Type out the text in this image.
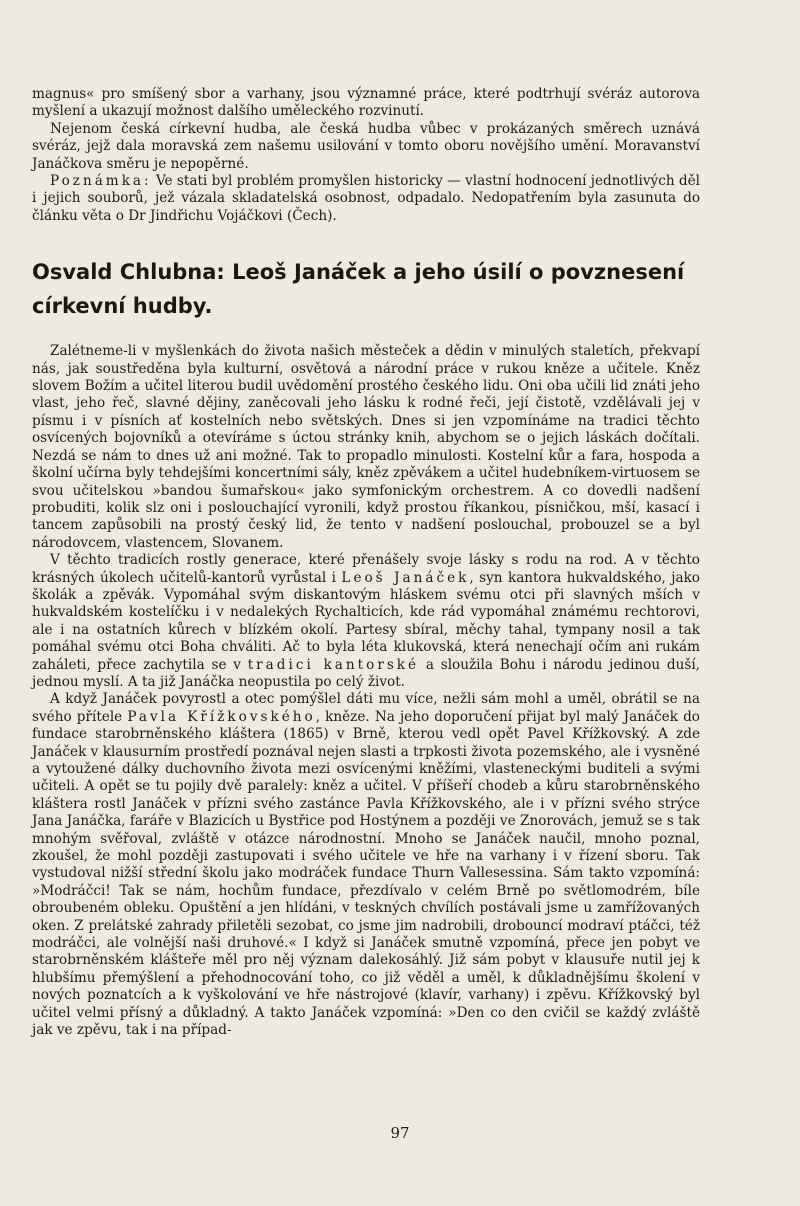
magnus« pro smíšený sbor a varhany, jsou významné práce, které podtrhují svéráz autorova myšlení a ukazují možnost dalšího uměleckého rozvinutí.

Nejenom česká církevní hudba, ale česká hudba vůbec v prokázaných směrech uznává svéráz, jejž dala moravská zem našemu usilování v tomto oboru novějšího umění. Moravanství Janáčkova směru je nepopěrné.

Poznámka: Ve stati byl problém promyšlen historicky — vlastní hodnocení jednotlivých děl i jejich souborů, jež vázala skladatelská osobnost, odpadalo. Nedopatřením byla zasunuta do článku věta o Dr Jindřichu Vojáčkovi (Čech).

Osvald Chlubna: Leoš Janáček a jeho úsilí o povznesení církevní hudby.

Zalétneme-li v myšlenkách do života našich městeček a dědin v minulých staletích, překvapí nás, jak soustředěna byla kulturní, osvětová a národní práce v rukou kněze a učitele. Kněz slovem Božím a učitel literou budil uvědomění prostého českého lidu. Oni oba učili lid znáti jeho vlast, jeho řeč, slavné dějiny, zaněcovali jeho lásku k rodné řeči, její čistotě, vzdělávali jej v písmu i v písních ať kostelních nebo světských. Dnes si jen vzpomínáme na tradici těchto osvícených bojovníků a otevíráme s úctou stránky knih, abychom se o jejich láskách dočítali. Nezdá se nám to dnes už ani možné. Tak to propadlo minulosti. Kostelní kůr a fara, hospoda a školní učírna byly tehdejšími koncertními sály, kněz zpěvákem a učitel hudebníkem-virtuosem se svou učitelskou »bandou šumařskou« jako symfonickým orchestrem. A co dovedli nadšení probuditi, kolik slz oni i poslouchající vyronili, když prostou říkankou, písničkou, mší, kasací i tancem zapůsobili na prostý český lid, že tento v nadšení poslouchal, probouzel se a byl národovcem, vlastencem, Slovanem.

V těchto tradicích rostly generace, které přenášely svoje lásky s rodu na rod. A v těchto krásných úkolech učitelů-kantorů vyrůstal i Leoš Janáček, syn kantora hukvaldského, jako školák a zpěvák. Vypomáhal svým diskantovým hláskem svému otci při slavných mších v hukvaldském kostelíčku i v nedalekých Rychalticích, kde rád vypomáhal známému rechtorovi, ale i na ostatních kůrech v blízkém okolí. Partesy sbíral, měchy tahal, tympany nosil a tak pomáhal svému otci Boha chváliti. Ač to byla léta klukovská, která nenechají očím ani rukám zaháleti, přece zachytila se v tradici kantorské a sloužila Bohu i národu jedinou duší, jednou myslí. A ta již Janáčka neopustila po celý život.

A když Janáček povyrostl a otec pomýšlel dáti mu více, nežli sám mohl a uměl, obrátil se na svého přítele Pavla Křížkovského, kněze. Na jeho doporučení přijat byl malý Janáček do fundace starobrněnského kláštera (1865) v Brně, kterou vedl opět Pavel Křížkovský. A zde Janáček v klausurním prostředí poznával nejen slasti a trpkosti života pozemského, ale i vysněné a vytoužené dálky duchovního života mezi osvícenými kněžími, vlasteneckými buditeli a svými učiteli. A opět se tu pojily dvě paralely: kněz a učitel. V příšeří chodeb a kůru starobrněnského kláštera rostl Janáček v přízni svého zastánce Pavla Křížkovského, ale i v přízni svého strýce Jana Janáčka, faráře v Blazicích u Bystřice pod Hostýnem a později ve Znorovách, jemuž se s tak mnohým svěřoval, zvláště v otázce národnostní. Mnoho se Janáček naučil, mnoho poznal, zkoušel, že mohl později zastupovati i svého učitele ve hře na varhany i v řízení sboru. Tak vystudoval nižší střední školu jako modráček fundace Thurn Vallesessina. Sám takto vzpomíná: »Modráčci! Tak se nám, hochům fundace, přezdívalo v celém Brně po světlomodrém, bíle obroubeném obleku. Opuštění a jen hlídáni, v teskných chvílích postávali jsme u zamřížovaných oken. Z prelátské zahrady přiletěli sezobat, co jsme jim nadrobili, drobouncí modraví ptáčci, též modráčci, ale volnější naši druhové.« I když si Janáček smutně vzpomíná, přece jen pobyt ve starobrněnském klášteře měl pro něj význam dalekosáhlý. Již sám pobyt v klausuře nutil jej k hlubšímu přemýšlení a přehodnocování toho, co již věděl a uměl, k důkladnějšímu školení v nových poznatcích a k vyškolování ve hře nástrojové (klavír, varhany) i zpěvu. Křížkovský byl učitel velmi přísný a důkladný. A takto Janáček vzpomíná: »Den co den cvičil se každý zvláště jak ve zpěvu, tak i na případ-

97
